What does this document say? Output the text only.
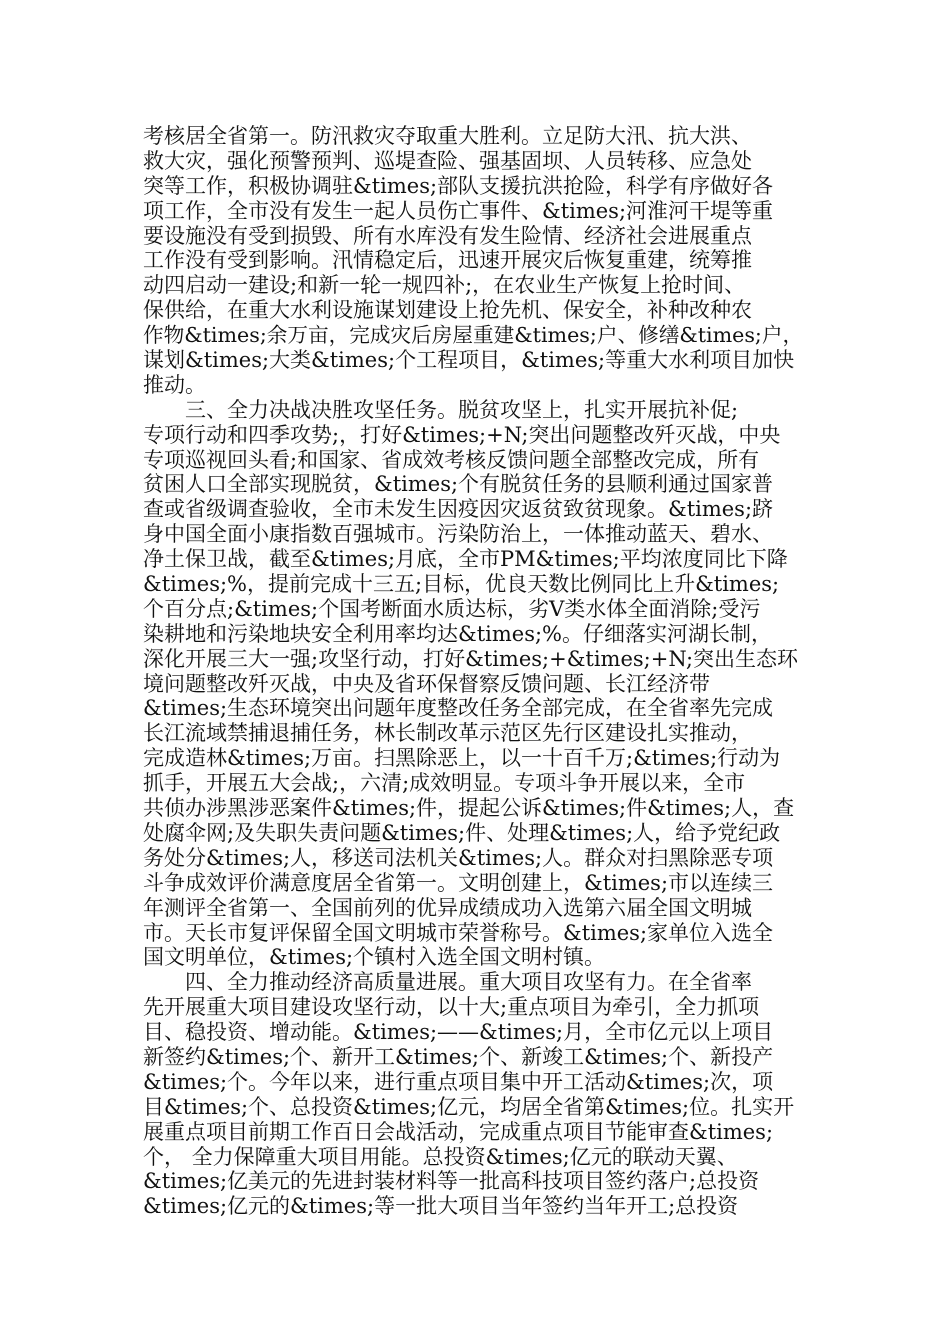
考核居全省第一。防汛救灾夺取重大胜利。立足防大汛、抗大洪、
救大灾，强化预警预判、巡堤查险、强基固坝、人员转移、应急处
突等工作，积极协调驻&times;部队支援抗洪抢险，科学有序做好各
项工作，全市没有发生一起人员伤亡事件、&times;河淮河干堤等重
要设施没有受到损毁、所有水库没有发生险情、经济社会进展重点
工作没有受到影响。汛情稳定后，迅速开展灾后恢复重建，统筹推
动四启动一建设;和新一轮一规四补;，在农业生产恢复上抢时间、
保供给，在重大水利设施谋划建设上抢先机、保安全，补种改种农
作物&times;余万亩，完成灾后房屋重建&times;户、修缮&times;户，
谋划&times;大类&times;个工程项目，&times;等重大水利项目加快
推动。
　　三、全力决战决胜攻坚任务。脱贫攻坚上，扎实开展抗补促;
专项行动和四季攻势;，打好&times;+N;突出问题整改歼灭战，中央
专项巡视回头看;和国家、省成效考核反馈问题全部整改完成，所有
贫困人口全部实现脱贫，&times;个有脱贫任务的县顺利通过国家普
查或省级调查验收，全市未发生因疫因灾返贫致贫现象。&times;跻
身中国全面小康指数百强城市。污染防治上，一体推动蓝天、碧水、
净土保卫战，截至&times;月底，全市PM&times;平均浓度同比下降
&times;%，提前完成十三五;目标，优良天数比例同比上升&times;
个百分点;&times;个国考断面水质达标，劣Ⅴ类水体全面消除;受污
染耕地和污染地块安全利用率均达&times;%。仔细落实河湖长制，
深化开展三大一强;攻坚行动，打好&times;+&times;+N;突出生态环
境问题整改歼灭战，中央及省环保督察反馈问题、长江经济带
&times;生态环境突出问题年度整改任务全部完成，在全省率先完成
长江流域禁捕退捕任务，林长制改革示范区先行区建设扎实推动，
完成造林&times;万亩。扫黑除恶上，以一十百千万;&times;行动为
抓手，开展五大会战;，六清;成效明显。专项斗争开展以来，全市
共侦办涉黑涉恶案件&times;件，提起公诉&times;件&times;人，查
处腐伞网;及失职失责问题&times;件、处理&times;人，给予党纪政
务处分&times;人，移送司法机关&times;人。群众对扫黑除恶专项
斗争成效评价满意度居全省第一。文明创建上，&times;市以连续三
年测评全省第一、全国前列的优异成绩成功入选第六届全国文明城
市。天长市复评保留全国文明城市荣誉称号。&times;家单位入选全
国文明单位，&times;个镇村入选全国文明村镇。
　　四、全力推动经济高质量进展。重大项目攻坚有力。在全省率
先开展重大项目建设攻坚行动，以十大;重点项目为牵引，全力抓项
目、稳投资、增动能。&times;——&times;月，全市亿元以上项目
新签约&times;个、新开工&times;个、新竣工&times;个、新投产
&times;个。今年以来，进行重点项目集中开工活动&times;次，项
目&times;个、总投资&times;亿元，均居全省第&times;位。扎实开
展重点项目前期工作百日会战活动，完成重点项目节能审查&times;
个， 全力保障重大项目用能。总投资&times;亿元的联动天翼、
&times;亿美元的先进封装材料等一批高科技项目签约落户;总投资
&times;亿元的&times;等一批大项目当年签约当年开工;总投资
